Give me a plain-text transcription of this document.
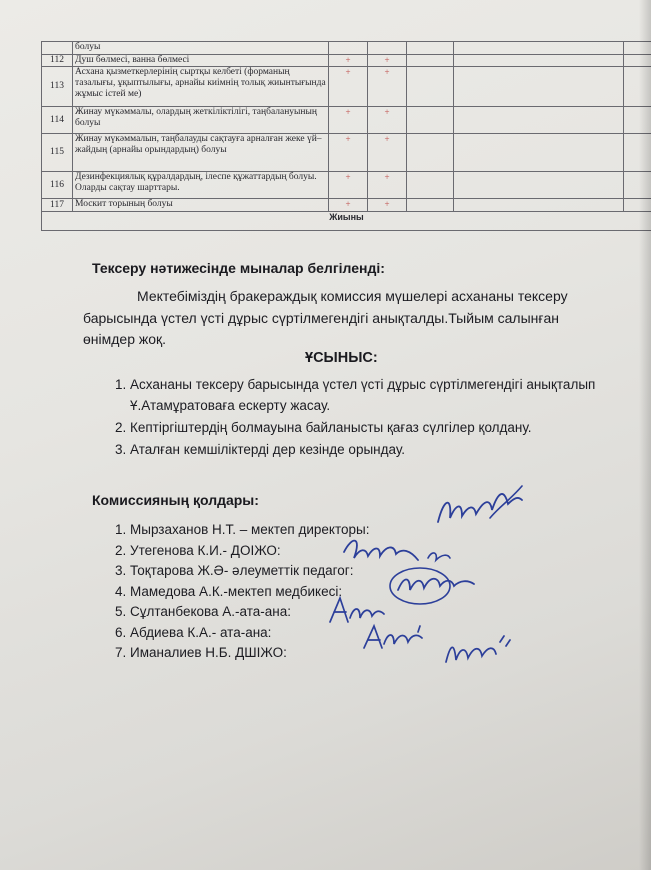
	болуы					
112	Душ бөлмесі, ванна бөлмесі	+	+			
113	Асхана қызметкерлерінің сыртқы келбеті (форманың тазалығы, ұқыптылығы, арнайы киімнің толық жиынтығында жұмыс істей ме)	+	+			
114	Жинау мүкәммалы, олардың жеткіліктілігі, таңбалануының болуы	+	+			
115	Жинау мүкәммалын, таңбалауды сақтауға арналған жеке үй–жайдың (арнайы орындардың) болуы	+	+			
116	Дезинфекциялық құралдардың, ілеспе құжаттардың болуы. Оларды сақтау шарттары.	+	+			
117	Москит торының болуы	+	+			
Жиыны						
Тексеру нәтижесінде мыналар белгіленді:
Мектебіміздің бракераждық комиссия мүшелері асхананы тексеру барысында үстел үсті дұрыс сүртілмегендігі анықталды.Тыйым салынған өнімдер жоқ.
ҰСЫНЫС:
1. Асхананы тексеру барысында үстел үсті дұрыс сүртілмегендігі анықталып Ұ.Атамұратоваға ескерту жасау.
2. Кептіргіштердің болмауына байланысты қағаз сүлгілер қолдану.
3. Аталған кемшіліктерді дер кезінде орындау.
Комиссияның қолдары:
1. Мырзаханов Н.Т. – мектеп директоры:
2. Утегенова К.И.- ДОІЖО:
3. Тоқтарова Ж.Ә- әлеуметтік педагог:
4. Мамедова А.К.-мектеп медбикесі:
5. Сұлтанбекова А.-ата-ана:
6. Абдиева К.А.- ата-ана:
7. Иманалиев Н.Б. ДШІЖО:
